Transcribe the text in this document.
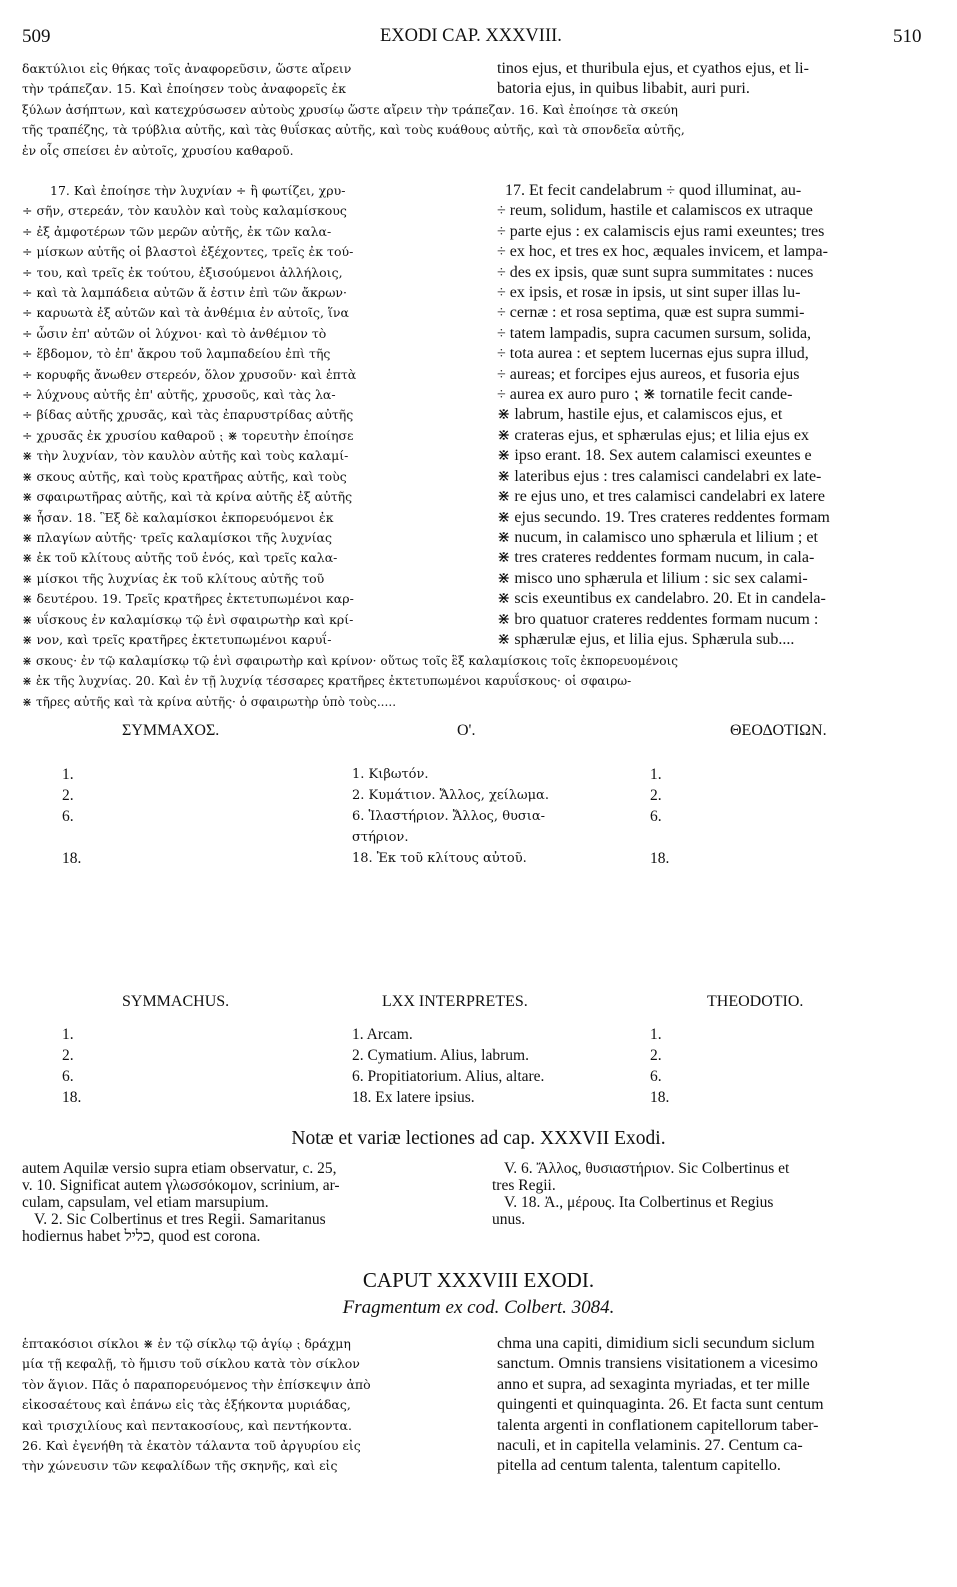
509	EXODI CAP. XXXVIII.	510
δακτύλιοι εἰς θήκας τοῖς ἀναφορεῦσιν, ὥστε αἴρειν
τὴν τράπεζαν. 15. Καὶ ἐποίησεν τοὺς ἀναφορεῖς ἐκ
tinos ejus, et thuribula ejus, et cyathos ejus, et li-
batoria ejus, in quibus libabit, auri puri.
ξύλων ἀσήπτων, καὶ κατεχρύσωσεν αὐτοὺς χρυσίῳ ὥστε αἴρειν τὴν τράπεζαν. 16. Καὶ ἐποίησε τὰ σκεύη
τῆς τραπέζης, τὰ τρύβλια αὐτῆς, καὶ τὰς θυΐσκας αὐτῆς, καὶ τοὺς κυάθους αὐτῆς, καὶ τὰ σπονδεῖα αὐτῆς,
ἐν οἷς σπείσει ἐν αὐτοῖς, χρυσίου καθαροῦ.
17. Καὶ ἐποίησε τὴν λυχνίαν ÷ ἣ φωτίζει, χρυ-
÷ σῆν, στερεάν, τὸν καυλὸν καὶ τοὺς καλαμίσκους
÷ ἐξ ἀμφοτέρων τῶν μερῶν αὐτῆς, ἐκ τῶν καλα-
÷ μίσκων αὐτῆς οἱ βλαστοὶ ἐξέχοντες, τρεῖς ἐκ τού-
÷ του, καὶ τρεῖς ἐκ τούτου, ἐξισούμενοι ἀλλήλοις,
÷ καὶ τὰ λαμπάδεια αὐτῶν ἅ ἐστιν ἐπὶ τῶν ἄκρων·
÷ καρυωτὰ ἐξ αὐτῶν καὶ τὰ ἀνθέμια ἐν αὐτοῖς, ἵνα
÷ ὦσιν ἐπ' αὐτῶν οἱ λύχνοι· καὶ τὸ ἀνθέμιον τὸ
÷ ἕβδομον, τὸ ἐπ' ἄκρου τοῦ λαμπαδείου ἐπὶ τῆς
÷ κορυφῆς ἄνωθεν στερεόν, ὅλον χρυσοῦν· καὶ ἑπτὰ
÷ λύχνους αὐτῆς ἐπ' αὐτῆς, χρυσοῦς, καὶ τὰς λα-
÷ βίδας αὐτῆς χρυσᾶς, καὶ τὰς ἐπαρυστρίδας αὐτῆς
÷ χρυσᾶς ἐκ χρυσίου καθαροῦ ⁏ ⋇ τορευτὴν ἐποίησε
⋇ τὴν λυχνίαν, τὸν καυλὸν αὐτῆς καὶ τοὺς καλαμί-
⋇ σκους αὐτῆς, καὶ τοὺς κρατῆρας αὐτῆς, καὶ τοὺς
⋇ σφαιρωτῆρας αὐτῆς, καὶ τὰ κρίνα αὐτῆς ἐξ αὐτῆς
⋇ ἦσαν. 18. Ἓξ δὲ καλαμίσκοι ἐκπορευόμενοι ἐκ
⋇ πλαγίων αὐτῆς· τρεῖς καλαμίσκοι τῆς λυχνίας
⋇ ἐκ τοῦ κλίτους αὐτῆς τοῦ ἑνός, καὶ τρεῖς καλα-
⋇ μίσκοι τῆς λυχνίας ἐκ τοῦ κλίτους αὐτῆς τοῦ
⋇ δευτέρου. 19. Τρεῖς κρατῆρες ἐκτετυπωμένοι καρ-
⋇ υΐσκους ἐν καλαμίσκῳ τῷ ἑνὶ σφαιρωτὴρ καὶ κρί-
⋇ νον, καὶ τρεῖς κρατῆρες ἐκτετυπωμένοι καρυΐ-
17. Et fecit candelabrum ÷ quod illuminat, au-
÷ reum, solidum, hastile et calamiscos ex utraque
÷ parte ejus : ex calamiscis ejus rami exeuntes; tres
÷ ex hoc, et tres ex hoc, æquales invicem, et lampa-
÷ des ex ipsis, quæ sunt supra summitates : nuces
÷ ex ipsis, et rosæ in ipsis, ut sint super illas lu-
÷ cernæ : et rosa septima, quæ est supra summi-
÷ tatem lampadis, supra cacumen sursum, solida,
÷ tota aurea : et septem lucernas ejus supra illud,
÷ aureas; et forcipes ejus aureos, et fusoria ejus
÷ aurea ex auro puro ⁏ ⋇ tornatile fecit cande-
⋇ labrum, hastile ejus, et calamiscos ejus, et
⋇ crateras ejus, et sphærulas ejus; et lilia ejus ex
⋇ ipso erant. 18. Sex autem calamisci exeuntes e
⋇ lateribus ejus : tres calamisci candelabri ex late-
⋇ re ejus uno, et tres calamisci candelabri ex latere
⋇ ejus secundo. 19. Tres crateres reddentes formam
⋇ nucum, in calamisco uno sphærula et lilium ; et
⋇ tres crateres reddentes formam nucum, in cala-
⋇ misco uno sphærula et lilium : sic sex calami-
⋇ scis exeuntibus ex candelabro. 20. Et in candela-
⋇ bro quatuor crateres reddentes formam nucum :
⋇ sphærulæ ejus, et lilia ejus. Sphærula sub....
⋇ σκους· ἐν τῷ καλαμίσκῳ τῷ ἑνὶ σφαιρωτὴρ καὶ κρίνον· οὕτως τοῖς ἓξ καλαμίσκοις τοῖς ἐκπορευομένοις
⋇ ἐκ τῆς λυχνίας. 20. Καὶ ἐν τῇ λυχνίᾳ τέσσαρες κρατῆρες ἐκτετυπωμένοι καρυΐσκους· οἱ σφαιρω-
⋇ τῆρες αὐτῆς καὶ τὰ κρίνα αὐτῆς· ὁ σφαιρωτὴρ ὑπὸ τοὺς.....
ΣΥΜΜΑΧΟΣ.	Ο'.	ΘΕΟΔΟΤΙΩΝ.
1.	1. Κιβωτόν.	1.
2.	2. Κυμάτιον. Ἄλλος, χείλωμα.	2.
6.	6. Ἱλαστήριον. Ἄλλος, θυσια-	6.
στήριον.
18.	18. Ἐκ τοῦ κλίτους αὐτοῦ.	18.
SYMMACHUS.	LXX INTERPRETES.	THEODOTIO.
1.	1. Arcam.	1.
2.	2. Cymatium. Alius, labrum.	2.
6.	6. Propitiatorium. Alius, altare.	6.
18.	18. Ex latere ipsius.	18.
Notæ et variæ lectiones ad cap. XXXVII Exodi.
autem Aquilæ versio supra etiam observatur, c. 25,
v. 10. Significat autem γλωσσόκομον, scrinium, ar-
culam, capsulam, vel etiam marsupium.
V. 2. Sic Colbertinus et tres Regii. Samaritanus
hodiernus habet כליל, quod est corona.
V. 6. Ἄλλος, θυσιαστήριον. Sic Colbertinus et
tres Regii.
V. 18. Ἀ., μέρους. Ita Colbertinus et Regius
unus.
CAPUT XXXVIII EXODI.
Fragmentum ex cod. Colbert. 3084.
ἑπτακόσιοι σίκλοι ⋇ ἐν τῷ σίκλῳ τῷ ἁγίῳ ⁏ δράχμη
μία τῇ κεφαλῇ, τὸ ἥμισυ τοῦ σίκλου κατὰ τὸν σίκλον
τὸν ἅγιον. Πᾶς ὁ παραπορευόμενος τὴν ἐπίσκεψιν ἀπὸ
εἰκοσαέτους καὶ ἐπάνω εἰς τὰς ἑξήκοντα μυριάδας,
καὶ τρισχιλίους καὶ πεντακοσίους, καὶ πεντήκοντα.
26. Καὶ ἐγενήθη τὰ ἑκατὸν τάλαντα τοῦ ἀργυρίου εἰς
τὴν χώνευσιν τῶν κεφαλίδων τῆς σκηνῆς, καὶ εἰς
chma una capiti, dimidium sicli secundum siclum
sanctum. Omnis transiens visitationem a vicesimo
anno et supra, ad sexaginta myriadas, et ter mille
quingenti et quinquaginta. 26. Et facta sunt centum
talenta argenti in conflationem capitellorum taber-
naculi, et in capitella velaminis. 27. Centum ca-
pitella ad centum talenta, talentum capitello.
